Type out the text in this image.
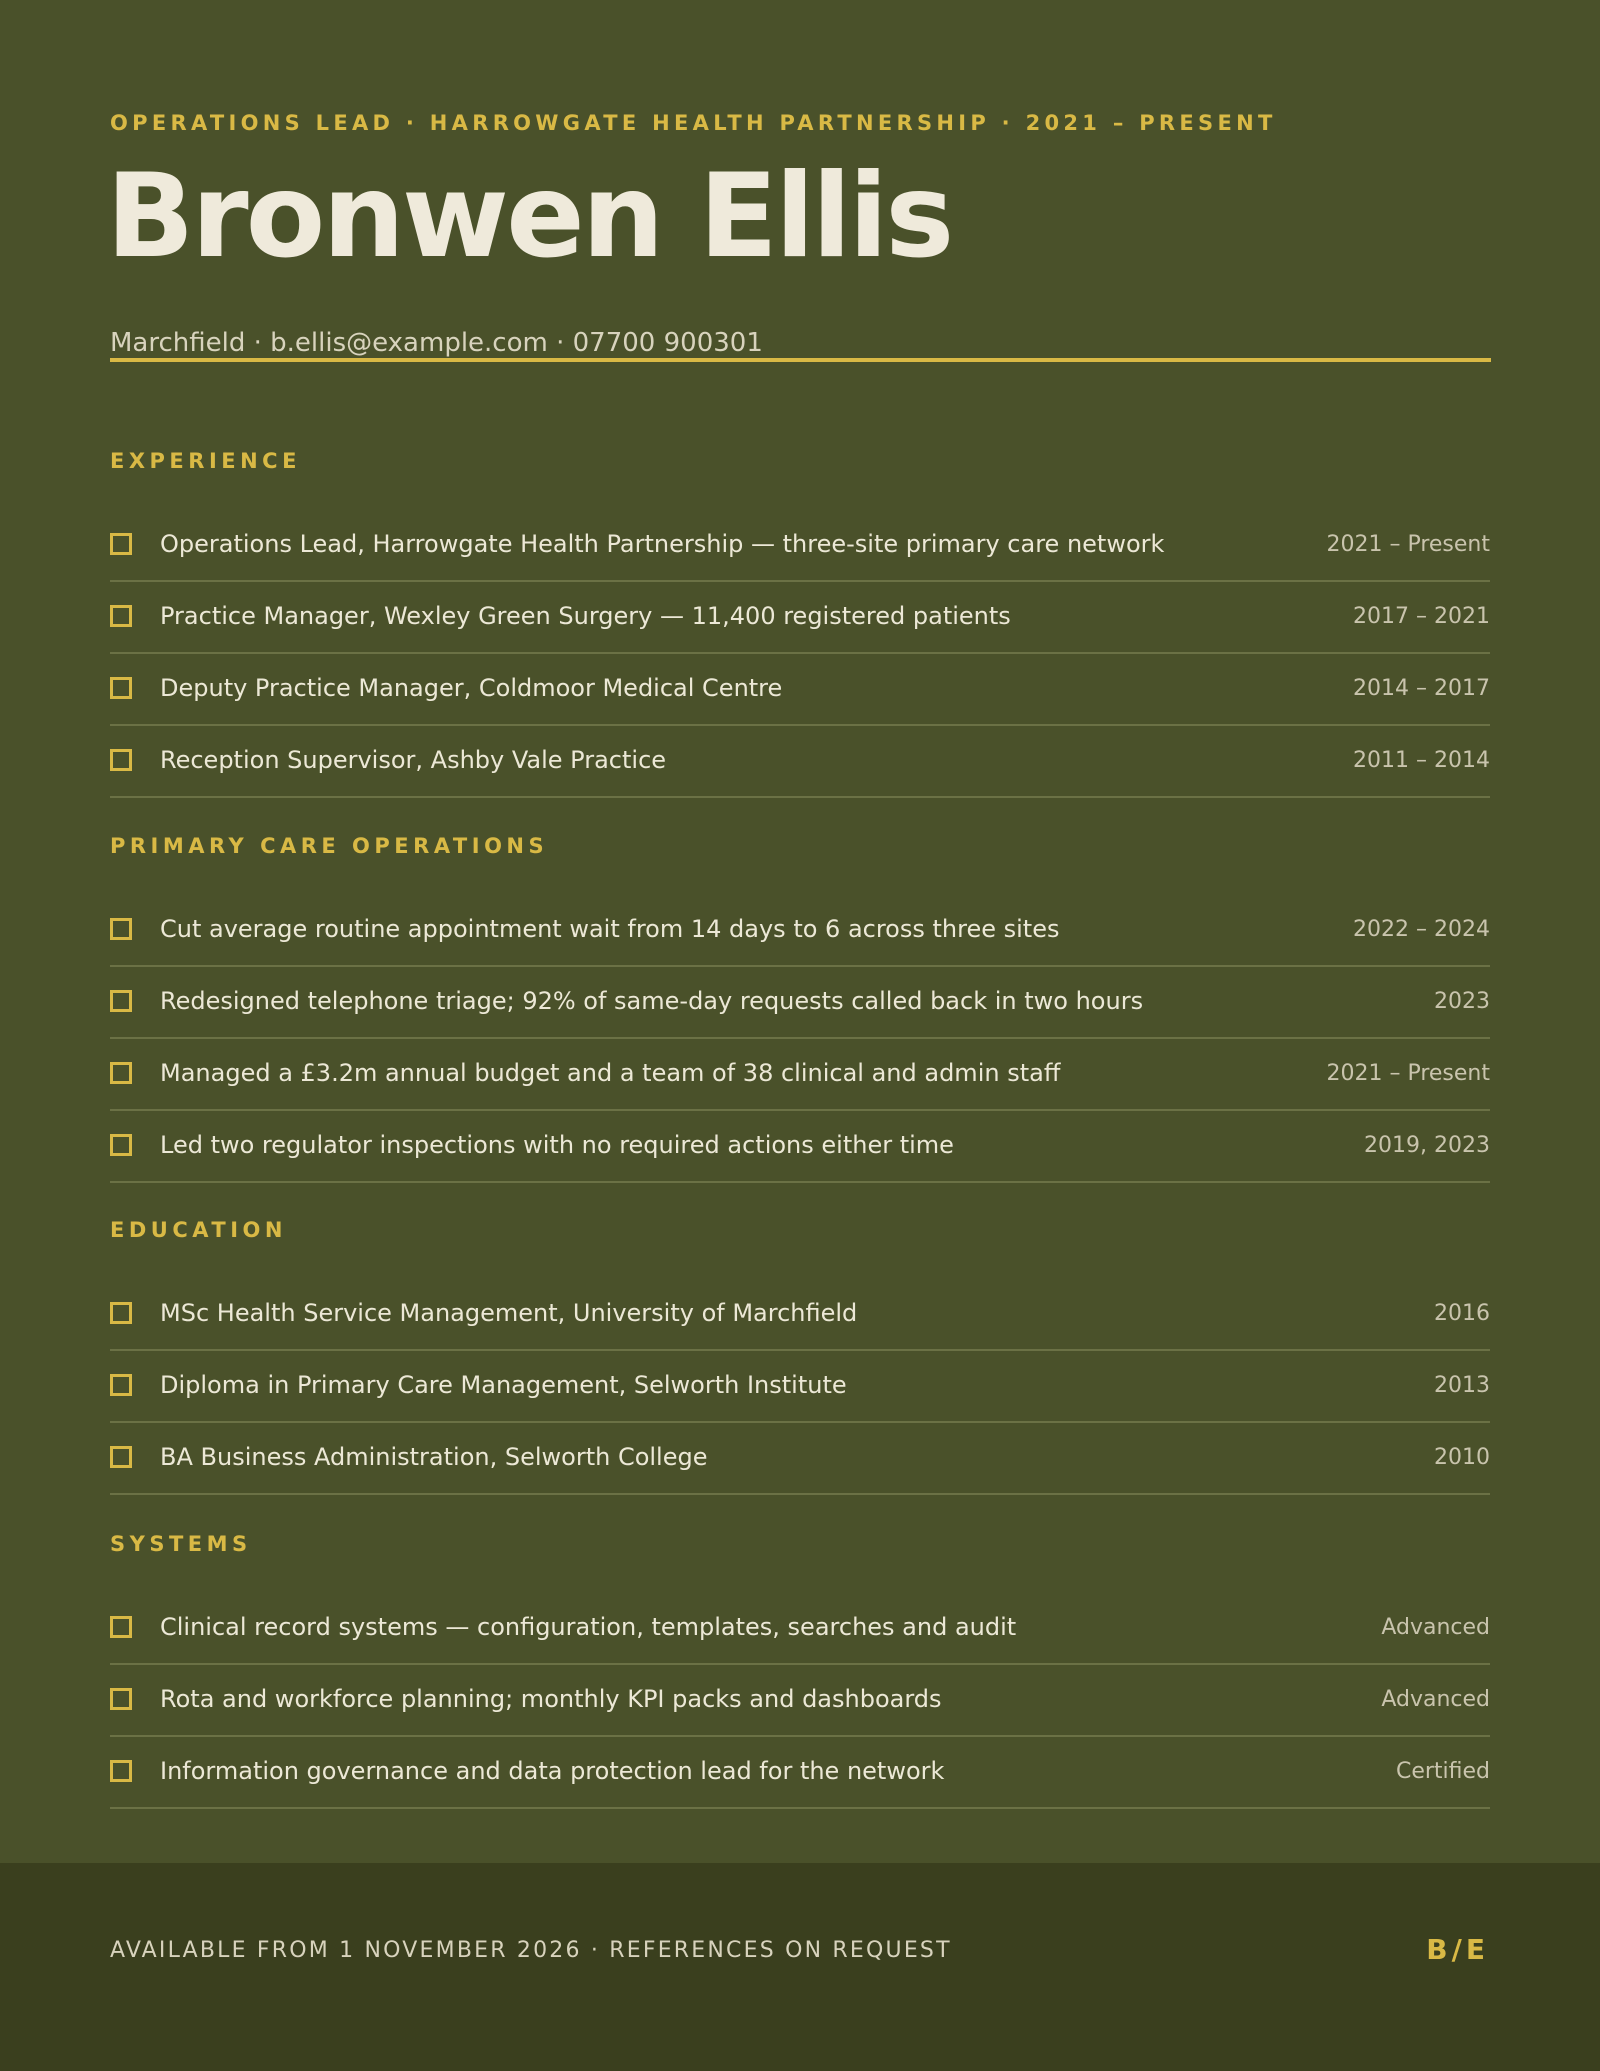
OPERATIONS LEAD · HARROWGATE HEALTH PARTNERSHIP · 2021 – PRESENT
Bronwen Ellis
Marchfield · b.ellis@example.com · 07700 900301
EXPERIENCE
Operations Lead, Harrowgate Health Partnership — three-site primary care network	2021 – Present
Practice Manager, Wexley Green Surgery — 11,400 registered patients	2017 – 2021
Deputy Practice Manager, Coldmoor Medical Centre	2014 – 2017
Reception Supervisor, Ashby Vale Practice	2011 – 2014
PRIMARY CARE OPERATIONS
Cut average routine appointment wait from 14 days to 6 across three sites	2022 – 2024
Redesigned telephone triage; 92% of same-day requests called back in two hours	2023
Managed a £3.2m annual budget and a team of 38 clinical and admin staff	2021 – Present
Led two regulator inspections with no required actions either time	2019, 2023
EDUCATION
MSc Health Service Management, University of Marchfield	2016
Diploma in Primary Care Management, Selworth Institute	2013
BA Business Administration, Selworth College	2010
SYSTEMS
Clinical record systems — configuration, templates, searches and audit	Advanced
Rota and workforce planning; monthly KPI packs and dashboards	Advanced
Information governance and data protection lead for the network	Certified
AVAILABLE FROM 1 NOVEMBER 2026 · REFERENCES ON REQUEST	B/E
